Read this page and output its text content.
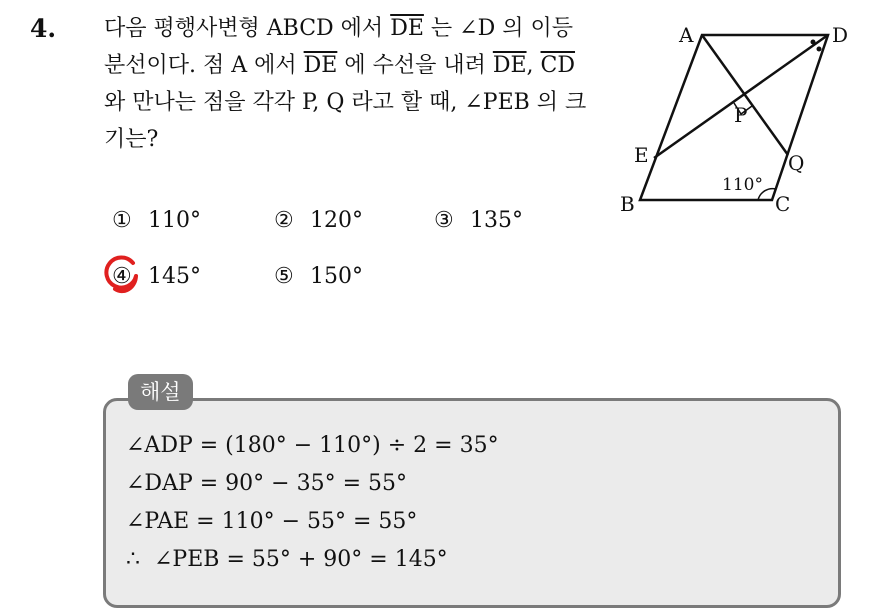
4. 다음 평행사변형 ABCD 에서 $\overline{DE}$ 는 ∠D 의 이등분선이다. 점 A 에서 $\overline{DE}$ 에 수선을 내려 $\overline{DE}$, $\overline{CD}$ 와 만나는 점을 각각 P, Q 라고 할 때, ∠PEB 의 크기는?

A	D
B	C
E
P
Q
110°
① 110°	② 120°	③ 135°
④ 145°	⑤ 150°
해설
∠ADP = (180° − 110°) ÷ 2 = 35°
∠DAP = 90° − 35° = 55°
∠PAE = 110° − 55° = 55°
∴  ∠PEB = 55° + 90° = 145°
